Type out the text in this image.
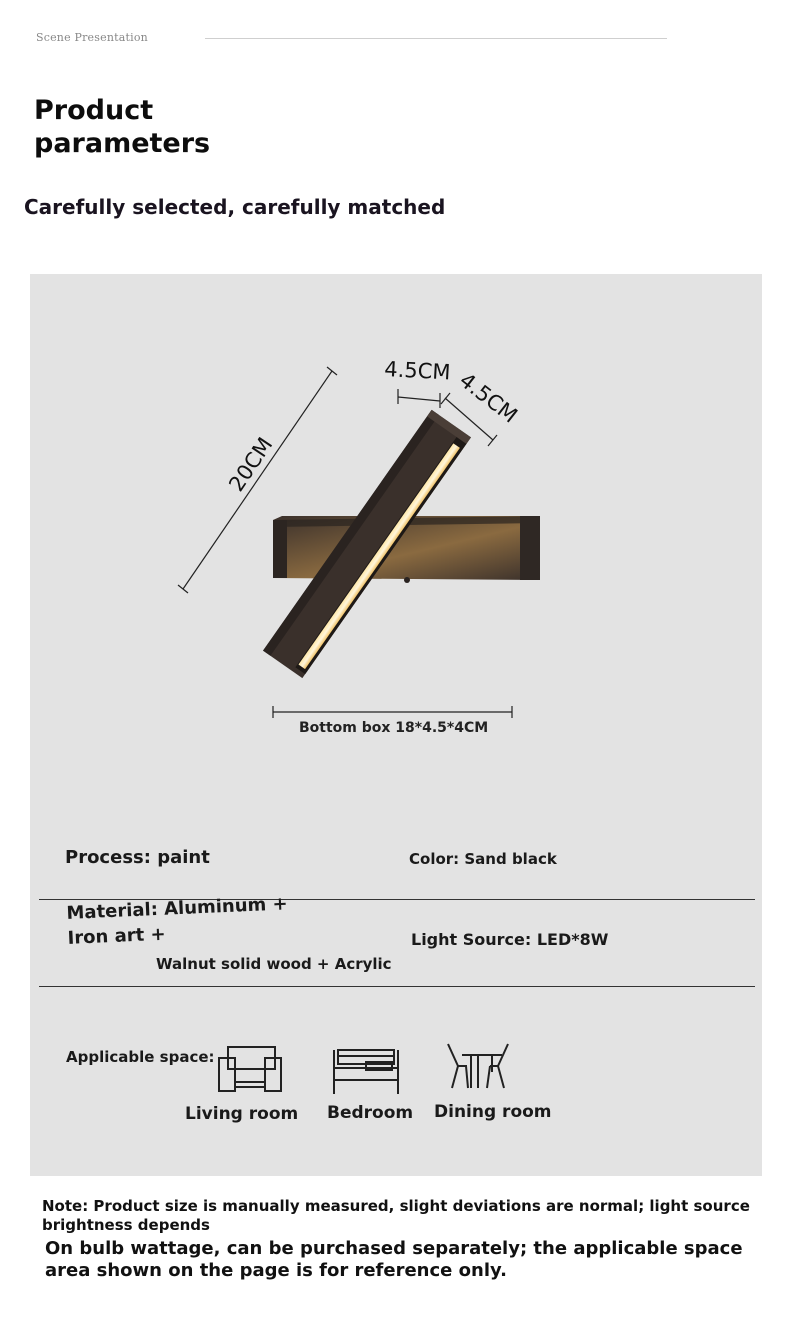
Scene Presentation
Product parameters
Carefully selected, carefully matched
20CM
4.5CM 4.5CM
Bottom box 18*4.5*4CM
Process: paint	Color: Sand black
Material: Aluminum + Iron art +	Light Source: LED*8W
Walnut solid wood + Acrylic
Applicable space:
Living room Bedroom Dining room
Note: Product size is manually measured, slight deviations are normal; light source brightness depends
On bulb wattage, can be purchased separately; the applicable space area shown on the page is for reference only.
